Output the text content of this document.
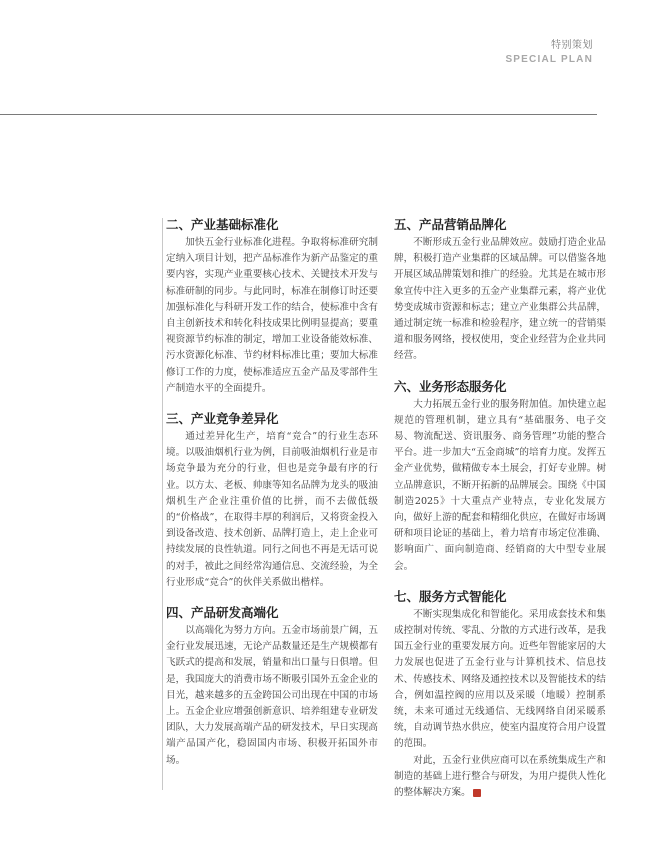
特别策划
SPECIAL PLAN
二、产业基础标准化

加快五金行业标准化进程。争取将标准研究制定纳入项目计划，把产品标准作为新产品鉴定的重要内容，实现产业重要核心技术、关键技术开发与标准研制的同步。与此同时，标准在制修订时还要加强标准化与科研开发工作的结合，使标准中含有自主创新技术和转化科技成果比例明显提高；要重视资源节约标准的制定，增加工业设备能效标准、污水资源化标准、节约材料标准比重；要加大标准修订工作的力度，使标准适应五金产品及零部件生产制造水平的全面提升。

三、产业竞争差异化

通过差异化生产，培育“竞合”的行业生态环境。以吸油烟机行业为例，目前吸油烟机行业是市场竞争最为充分的行业，但也是竞争最有序的行业。以方太、老板、帅康等知名品牌为龙头的吸油烟机生产企业注重价值的比拼，而不去做低级的“价格战”，在取得丰厚的利润后，又将资金投入到设备改造、技术创新、品牌打造上，走上企业可持续发展的良性轨道。同行之间也不再是无话可说的对手，被此之间经常沟通信息、交流经验，为全行业形成“竞合”的伙伴关系做出楷样。

四、产品研发高端化

以高端化为努力方向。五金市场前景广阔，五金行业发展迅速，无论产品数量还是生产规模都有飞跃式的提高和发展，销量和出口量与日俱增。但是，我国庞大的消费市场不断吸引国外五金企业的目光，越来越多的五金跨国公司出现在中国的市场上。五金企业应增强创新意识、培养组建专业研发团队，大力发展高端产品的研发技术，早日实现高端产品国产化，稳固国内市场、积极开拓国外市场。

五、产品营销品牌化

不断形成五金行业品牌效应。鼓励打造企业品牌，积极打造产业集群的区域品牌。可以借鉴各地开展区域品牌策划和推广的经验。尤其是在城市形象宣传中注入更多的五金产业集群元素，将产业优势变成城市资源和标志；建立产业集群公共品牌，通过制定统一标准和检验程序，建立统一的营销渠道和服务网络，授权使用，变企业经营为企业共同经营。

六、业务形态服务化

大力拓展五金行业的服务附加值。加快建立起规范的管理机制，建立具有“基础服务、电子交易、物流配送、资讯服务、商务管理”功能的整合平台。进一步加大“五金商城”的培育力度。发挥五金产业优势，做精做专本土展会，打好专业牌。树立品牌意识，不断开拓新的品牌展会。围绕《中国制造2025》十大重点产业特点，专业化发展方向，做好上游的配套和精细化供应，在做好市场调研和项目论证的基础上，着力培育市场定位准确、影响面广、面向制造商、经销商的大中型专业展会。

七、服务方式智能化

不断实现集成化和智能化。采用成套技术和集成控制对传统、零乱、分散的方式进行改革，是我国五金行业的重要发展方向。近些年智能家居的大力发展也促进了五金行业与计算机技术、信息技术、传感技术、网络及通控技术以及智能技术的结合，例如温控阀的应用以及采暖（地暖）控制系统，未来可通过无线通信、无线网络自闭采暖系统，自动调节热水供应，使室内温度符合用户设置的范围。

对此，五金行业供应商可以在系统集成生产和制造的基础上进行整合与研发，为用户提供人性化的整体解决方案。
